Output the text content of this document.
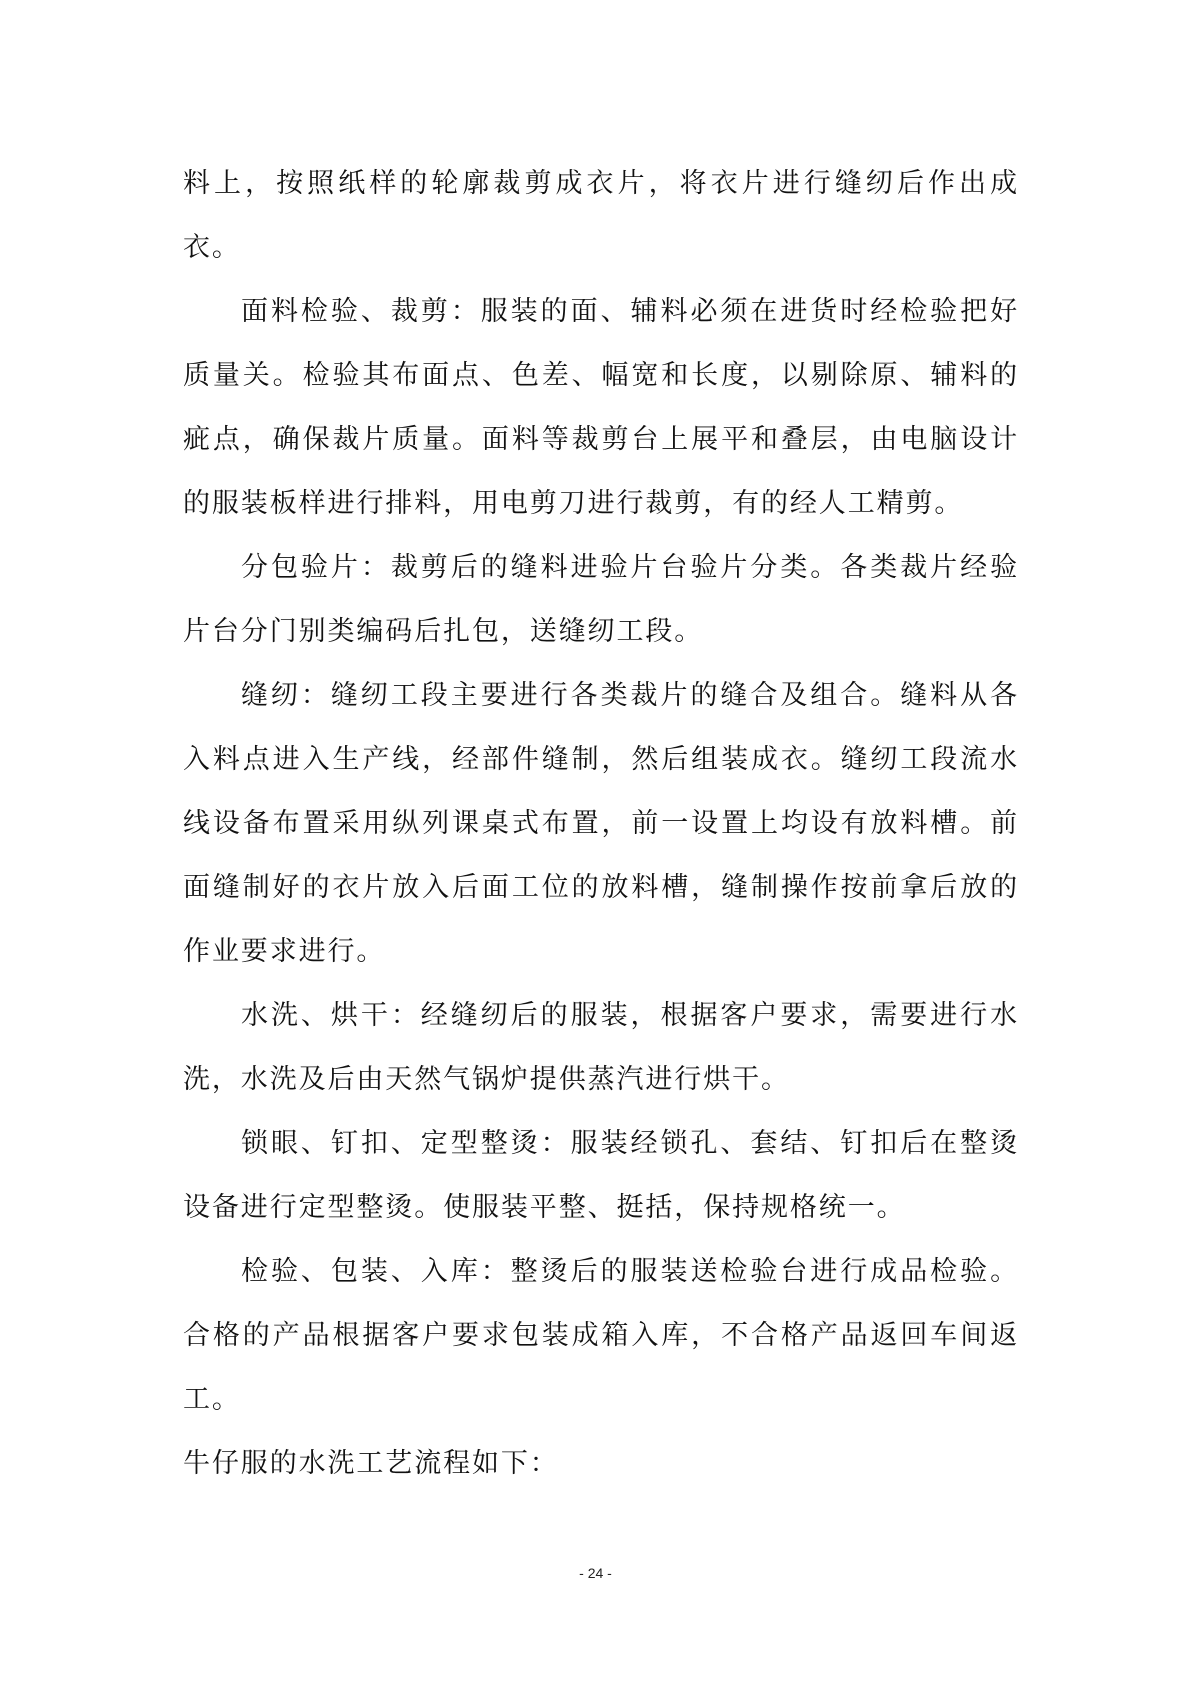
料上，按照纸样的轮廓裁剪成衣片，将衣片进行缝纫后作出成衣。

面料检验、裁剪：服装的面、辅料必须在进货时经检验把好质量关。检验其布面点、色差、幅宽和长度，以剔除原、辅料的疵点，确保裁片质量。面料等裁剪台上展平和叠层，由电脑设计的服装板样进行排料，用电剪刀进行裁剪，有的经人工精剪。

分包验片：裁剪后的缝料进验片台验片分类。各类裁片经验片台分门别类编码后扎包，送缝纫工段。

缝纫：缝纫工段主要进行各类裁片的缝合及组合。缝料从各入料点进入生产线，经部件缝制，然后组装成衣。缝纫工段流水线设备布置采用纵列课桌式布置，前一设置上均设有放料槽。前面缝制好的衣片放入后面工位的放料槽，缝制操作按前拿后放的作业要求进行。

水洗、烘干：经缝纫后的服装，根据客户要求，需要进行水洗，水洗及后由天然气锅炉提供蒸汽进行烘干。

锁眼、钉扣、定型整烫：服装经锁孔、套结、钉扣后在整烫设备进行定型整烫。使服装平整、挺括，保持规格统一。

检验、包装、入库：整烫后的服装送检验台进行成品检验。合格的产品根据客户要求包装成箱入库，不合格产品返回车间返工。

牛仔服的水洗工艺流程如下：

- 24 -
